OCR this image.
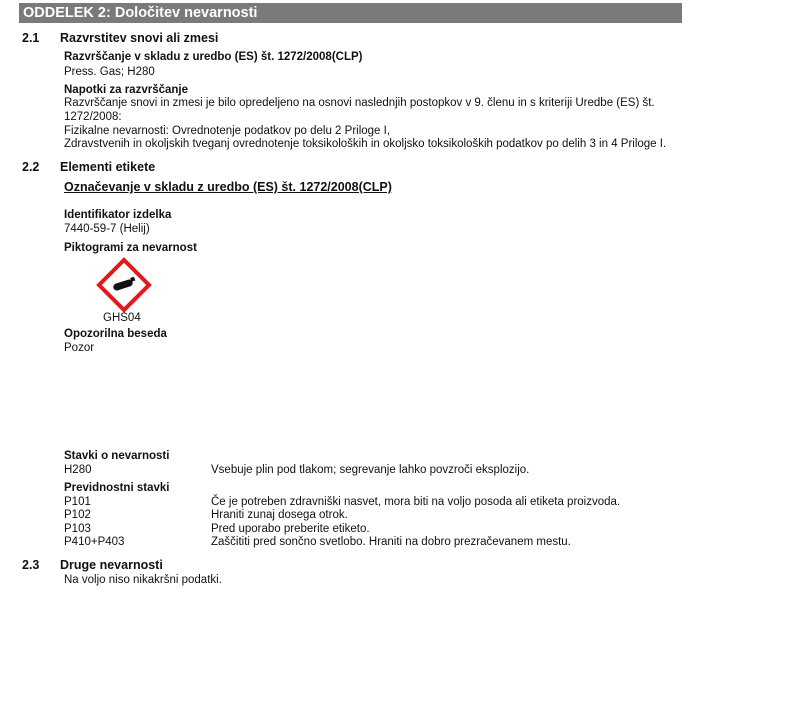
ODDELEK 2: Določitev nevarnosti
2.1 Razvrstitev snovi ali zmesi
Razvrščanje v skladu z uredbo (ES) št. 1272/2008(CLP)
Press. Gas; H280
Napotki za razvrščanje
Razvrščanje snovi in zmesi je bilo opredeljeno na osnovi naslednjih postopkov v 9. členu in s kriteriji Uredbe (ES) št.
1272/2008:
Fizikalne nevarnosti: Ovrednotenje podatkov po delu 2 Priloge I,
Zdravstvenih in okoljskih tveganj ovrednotenje toksikoloških in okoljsko toksikoloških podatkov po delih 3 in 4 Priloge I.
2.2 Elementi etikete
Označevanje v skladu z uredbo (ES) št. 1272/2008(CLP)
Identifikator izdelka
7440-59-7 (Helij)
Piktogrami za nevarnost
GHS04
Opozorilna beseda
Pozor
Stavki o nevarnosti
H280	Vsebuje plin pod tlakom; segrevanje lahko povzroči eksplozijo.
Previdnostni stavki
P101	Če je potreben zdravniški nasvet, mora biti na voljo posoda ali etiketa proizvoda.
P102	Hraniti zunaj dosega otrok.
P103	Pred uporabo preberite etiketo.
P410+P403	Zaščititi pred sončno svetlobo. Hraniti na dobro prezračevanem mestu.
2.3 Druge nevarnosti
Na voljo niso nikakršni podatki.
